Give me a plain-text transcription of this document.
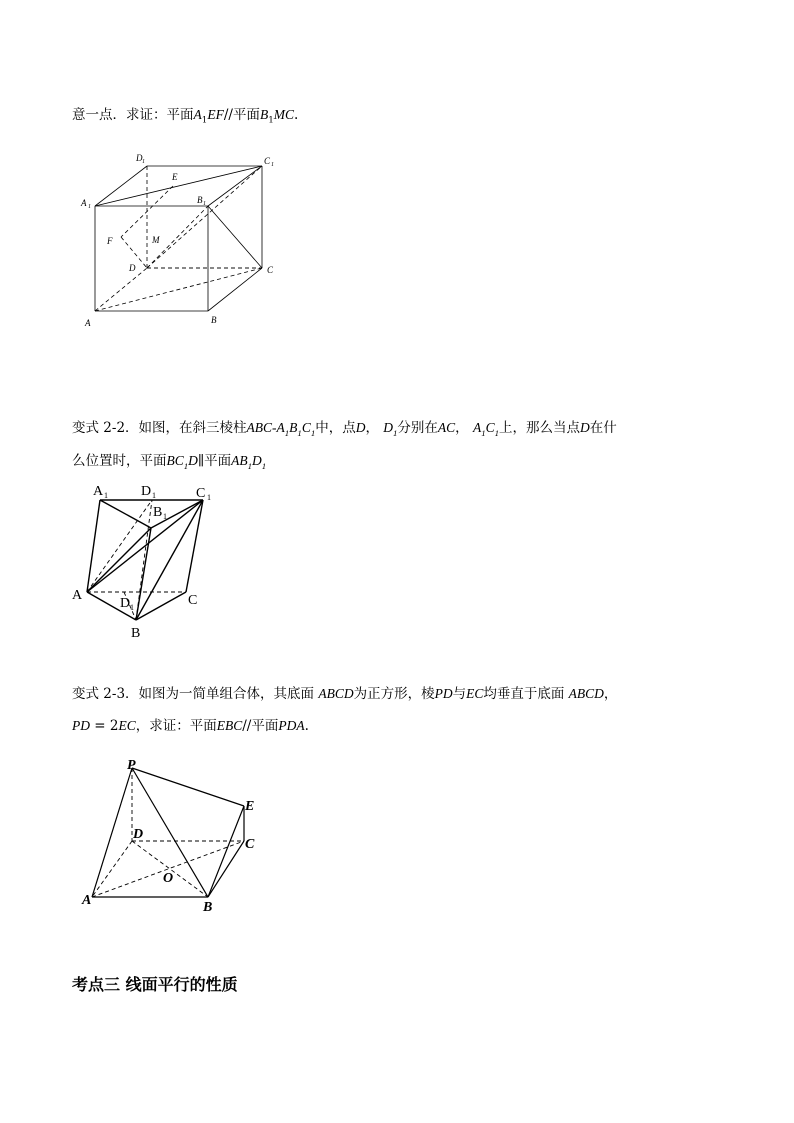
意一点．求证：平面$A_1EF//$平面$B_1MC$.
D 1	C 1
E
A 1
B 1
F	M
D	C
A	B
变式 2-2．如图，在斜三棱柱ABC-$A_1B_1C_1$中，点D， $D_1$分别在AC， $A_1C_1$上，那么当点D在什
么位置时，平面$BC_1D\parallel$平面$AB_1D_1$
A 1 D 1	C 1
B 1
A
D 1	C
B
变式 2-3．如图为一简单组合体，其底面 ABCD为正方形，棱PD与EC均垂直于底面 ABCD，
PD = 2EC，求证：平面EBC//平面PDA.
P
E
D
C
O
A	B
考点三 线面平行的性质
